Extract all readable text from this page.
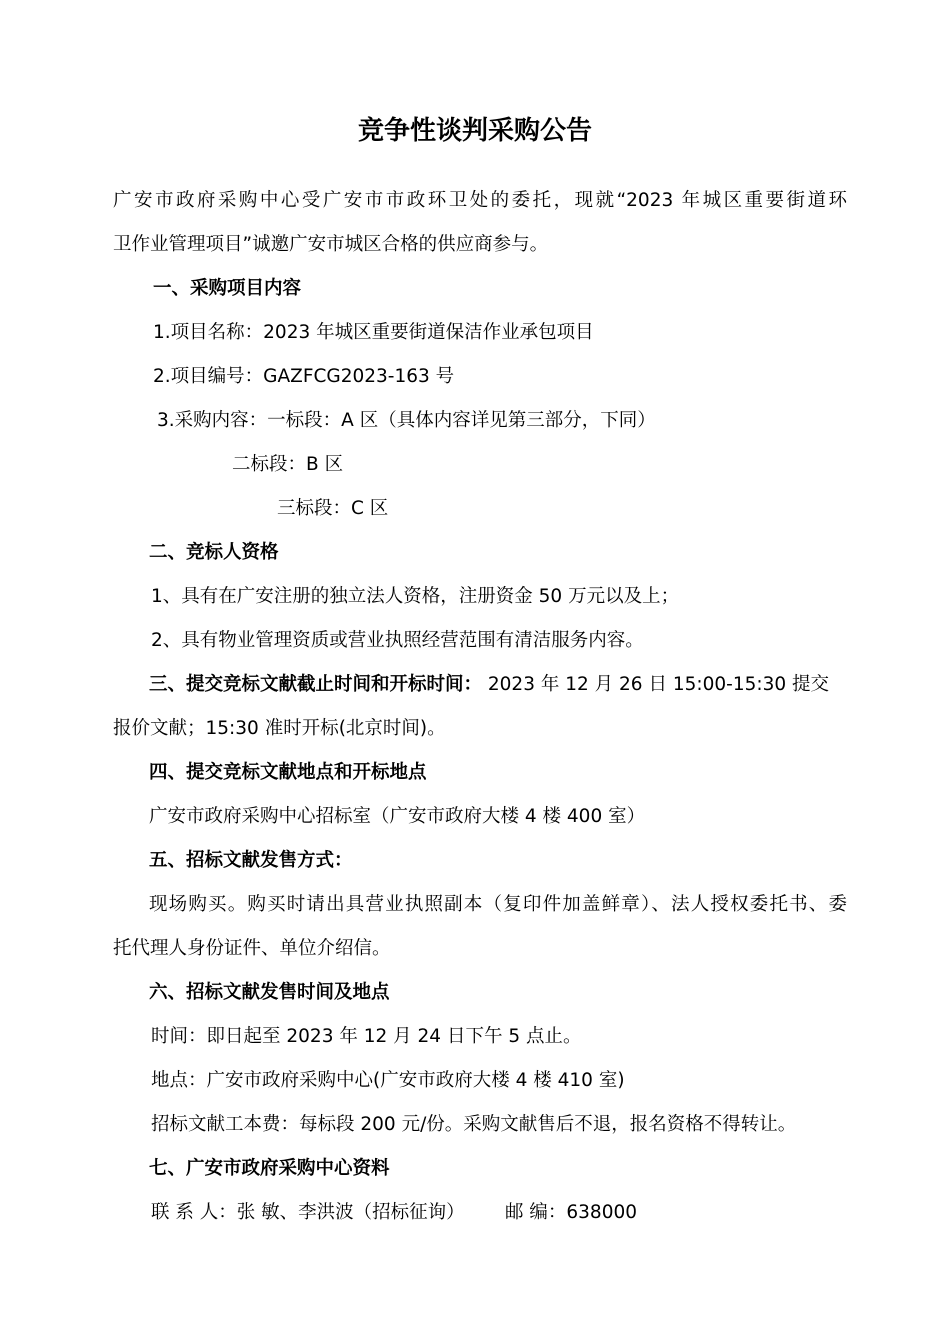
竞争性谈判采购公告
广安市政府采购中心受广安市市政环卫处的委托，现就“2023 年城区重要街道环
卫作业管理项目”诚邀广安市城区合格的供应商参与。
一、采购项目内容
1.项目名称：2023 年城区重要街道保洁作业承包项目
2.项目编号：GAZFCG2023-163 号
3.采购内容：一标段：A 区（具体内容详见第三部分，下同）
二标段：B 区
三标段：C 区
二、竞标人资格
1、具有在广安注册的独立法人资格，注册资金 50 万元以及上；
2、具有物业管理资质或营业执照经营范围有清洁服务内容。
三、提交竞标文献截止时间和开标时间： 2023 年 12 月 26 日 15:00-15:30 提交
报价文献；15:30 准时开标(北京时间)。
四、提交竞标文献地点和开标地点
广安市政府采购中心招标室（广安市政府大楼 4 楼 400 室）
五、招标文献发售方式：
现场购买。购买时请出具营业执照副本（复印件加盖鲜章）、法人授权委托书、委
托代理人身份证件、单位介绍信。
六、招标文献发售时间及地点
时间：即日起至 2023 年 12 月 24 日下午 5 点止。
地点：广安市政府采购中心(广安市政府大楼 4 楼 410 室)
招标文献工本费：每标段 200 元/份。采购文献售后不退，报名资格不得转让。
七、广安市政府采购中心资料
联 系 人：张 敏、李洪波（招标征询） 邮 编：638000
